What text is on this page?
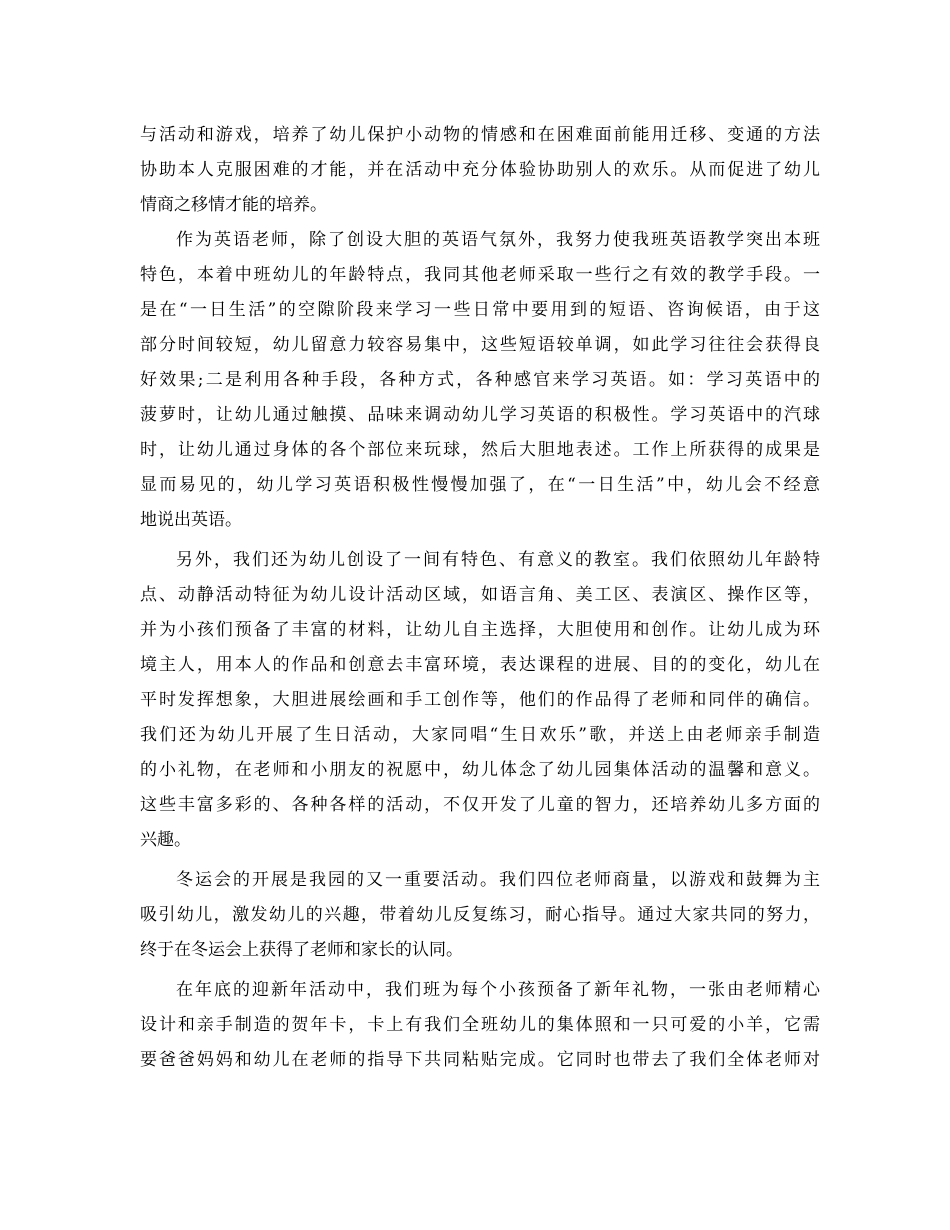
与活动和游戏，培养了幼儿保护小动物的情感和在困难面前能用迁移、变通的方法
协助本人克服困难的才能，并在活动中充分体验协助别人的欢乐。从而促进了幼儿
情商之移情才能的培养。
作为英语老师，除了创设大胆的英语气氛外，我努力使我班英语教学突出本班
特色，本着中班幼儿的年龄特点，我同其他老师采取一些行之有效的教学手段。一
是在“一日生活”的空隙阶段来学习一些日常中要用到的短语、咨询候语，由于这
部分时间较短，幼儿留意力较容易集中，这些短语较单调，如此学习往往会获得良
好效果;二是利用各种手段，各种方式，各种感官来学习英语。如：学习英语中的
菠萝时，让幼儿通过触摸、品味来调动幼儿学习英语的积极性。学习英语中的汽球
时，让幼儿通过身体的各个部位来玩球，然后大胆地表述。工作上所获得的成果是
显而易见的，幼儿学习英语积极性慢慢加强了，在“一日生活”中，幼儿会不经意
地说出英语。
另外，我们还为幼儿创设了一间有特色、有意义的教室。我们依照幼儿年龄特
点、动静活动特征为幼儿设计活动区域，如语言角、美工区、表演区、操作区等，
并为小孩们预备了丰富的材料，让幼儿自主选择，大胆使用和创作。让幼儿成为环
境主人，用本人的作品和创意去丰富环境，表达课程的进展、目的的变化，幼儿在
平时发挥想象，大胆进展绘画和手工创作等，他们的作品得了老师和同伴的确信。
我们还为幼儿开展了生日活动，大家同唱“生日欢乐”歌，并送上由老师亲手制造
的小礼物，在老师和小朋友的祝愿中，幼儿体念了幼儿园集体活动的温馨和意义。
这些丰富多彩的、各种各样的活动，不仅开发了儿童的智力，还培养幼儿多方面的
兴趣。
冬运会的开展是我园的又一重要活动。我们四位老师商量，以游戏和鼓舞为主
吸引幼儿，激发幼儿的兴趣，带着幼儿反复练习，耐心指导。通过大家共同的努力，
终于在冬运会上获得了老师和家长的认同。
在年底的迎新年活动中，我们班为每个小孩预备了新年礼物，一张由老师精心
设计和亲手制造的贺年卡，卡上有我们全班幼儿的集体照和一只可爱的小羊，它需
要爸爸妈妈和幼儿在老师的指导下共同粘贴完成。它同时也带去了我们全体老师对
